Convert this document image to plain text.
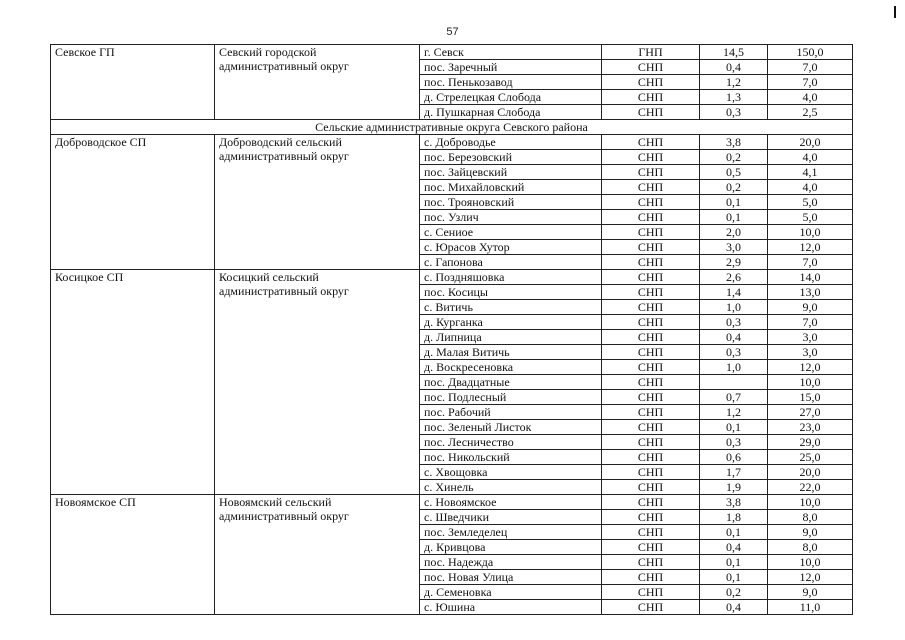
57
Севское ГП	Севский городской административный округ	г. Севск	ГНП	14,5	150,0
		пос. Заречный	СНП	0,4	7,0
		пос. Пенькозавод	СНП	1,2	7,0
		д. Стрелецкая Слобода	СНП	1,3	4,0
		д. Пушкарная Слобода	СНП	0,3	2,5
Сельские административные округа Севского района					
Доброводское СП	Доброводский сельский административный округ	с. Доброводье	СНП	3,8	20,0
		пос. Березовский	СНП	0,2	4,0
		пос. Зайцевский	СНП	0,5	4,1
		пос. Михайловский	СНП	0,2	4,0
		пос. Трояновский	СНП	0,1	5,0
		пос. Узлич	СНП	0,1	5,0
		с. Сениое	СНП	2,0	10,0
		с. Юрасов Хутор	СНП	3,0	12,0
		с. Гапонова	СНП	2,9	7,0
Косицкое СП	Косицкий сельский административный округ	с. Поздняшовка	СНП	2,6	14,0
		пос. Косицы	СНП	1,4	13,0
		с. Витичь	СНП	1,0	9,0
		д. Курганка	СНП	0,3	7,0
		д. Липница	СНП	0,4	3,0
		д. Малая Витичь	СНП	0,3	3,0
		д. Воскресеновка	СНП	1,0	12,0
		пос. Двадцатные	СНП		10,0
		пос. Подлесный	СНП	0,7	15,0
		пос. Рабочий	СНП	1,2	27,0
		пос. Зеленый Листок	СНП	0,1	23,0
		пос. Лесничество	СНП	0,3	29,0
		пос. Никольский	СНП	0,6	25,0
		с. Хвощовка	СНП	1,7	20,0
		с. Хинель	СНП	1,9	22,0
Новоямское СП	Новоямский сельский административный округ	с. Новоямское	СНП	3,8	10,0
		с. Шведчики	СНП	1,8	8,0
		пос. Земледелец	СНП	0,1	9,0
		д. Кривцова	СНП	0,4	8,0
		пос. Надежда	СНП	0,1	10,0
		пос. Новая Улица	СНП	0,1	12,0
		д. Семеновка	СНП	0,2	9,0
		с. Юшина	СНП	0,4	11,0
